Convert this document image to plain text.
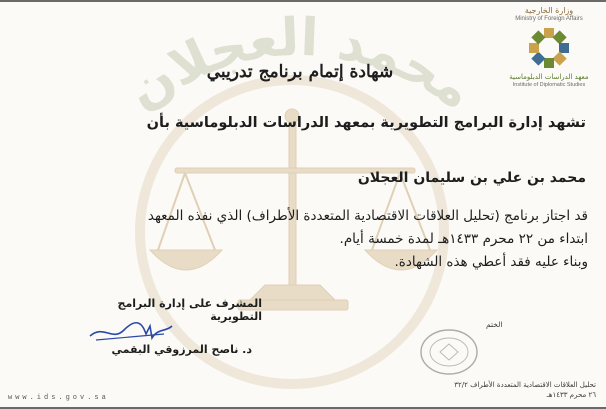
محمد العجلان
وزارة الخارجية
Ministry of Foreign Affairs
معهد الدراسات الدبلوماسية
Institute of Diplomatic Studies
شهادة إتمام برنامج تدريبي
تشهد إدارة البرامج التطويرية بمعهد الدراسات الدبلوماسية بأن
محمد بن علي بن سليمان العجلان
قد اجتاز برنامج (تحليل العلاقات الاقتصادية المتعددة الأطراف) الذي نفذه المعهد
ابتداء من ٢٢ محرم ١٤٣٣هـ لمدة خمسة أيام.
وبناء عليه فقد أعطي هذه الشهادة.
الختم
المشرف على إدارة البرامج التطويرية
د. ناصح المرزوقي البقمي
تحليل العلاقات الاقتصادية المتعددة الأطراف ٣٢/٢
٢٦ محرم ١٤٣٣هـ
www.ids.gov.sa
